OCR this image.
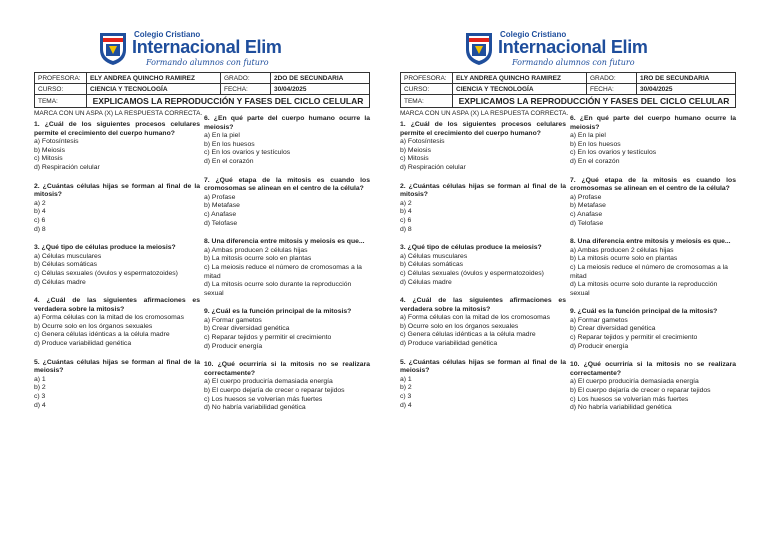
Colegio Cristiano
Internacional Elim
Formando alumnos con futuro
PROFESORA:	ELY ANDREA QUINCHO RAMIREZ	GRADO:	2DO DE SECUNDARIA
CURSO:	CIENCIA Y TECNOLOGÍA	FECHA:	30/04/2025
TEMA:	EXPLICAMOS LA REPRODUCCIÓN Y FASES DEL CICLO CELULAR		
MARCA CON UN ASPA (X) LA RESPUESTA CORRECTA.
1. ¿Cuál de los siguientes procesos celulares permite el crecimiento del cuerpo humano?
a) Fotosíntesis
b) Meiosis
c) Mitosis
d) Respiración celular
2. ¿Cuántas células hijas se forman al final de la mitosis?
a) 2
b) 4
c) 6
d) 8
3. ¿Qué tipo de células produce la meiosis?
a) Células musculares
b) Células somáticas
c) Células sexuales (óvulos y espermatozoides)
d) Células madre
4. ¿Cuál de las siguientes afirmaciones es verdadera sobre la mitosis?
a) Forma células con la mitad de los cromosomas
b) Ocurre solo en los órganos sexuales
c) Genera células idénticas a la célula madre
d) Produce variabilidad genética
5. ¿Cuántas células hijas se forman al final de la meiosis?
a) 1
b) 2
c) 3
d) 4
6. ¿En qué parte del cuerpo humano ocurre la meiosis?
a) En la piel
b) En los huesos
c) En los ovarios y testículos
d) En el corazón
7. ¿Qué etapa de la mitosis es cuando los cromosomas se alinean en el centro de la célula?
a) Profase
b) Metafase
c) Anafase
d) Telofase
8. Una diferencia entre mitosis y meiosis es que...
a) Ambas producen 2 células hijas
b) La mitosis ocurre solo en plantas
c) La meiosis reduce el número de cromosomas a la mitad
d) La mitosis ocurre solo durante la reproducción sexual
9. ¿Cuál es la función principal de la mitosis?
a) Formar gametos
b) Crear diversidad genética
c) Reparar tejidos y permitir el crecimiento
d) Producir energía
10. ¿Qué ocurriría si la mitosis no se realizara correctamente?
a) El cuerpo produciría demasiada energía
b) El cuerpo dejaría de crecer o reparar tejidos
c) Los huesos se volverían más fuertes
d) No habría variabilidad genética
Colegio Cristiano
Internacional Elim
Formando alumnos con futuro
PROFESORA:	ELY ANDREA QUINCHO RAMIREZ	GRADO:	1RO DE SECUNDARIA
CURSO:	CIENCIA Y TECNOLOGÍA	FECHA:	30/04/2025
TEMA:	EXPLICAMOS LA REPRODUCCIÓN Y FASES DEL CICLO CELULAR		
MARCA CON UN ASPA (X) LA RESPUESTA CORRECTA.
1. ¿Cuál de los siguientes procesos celulares permite el crecimiento del cuerpo humano?
a) Fotosíntesis
b) Meiosis
c) Mitosis
d) Respiración celular
2. ¿Cuántas células hijas se forman al final de la mitosis?
a) 2
b) 4
c) 6
d) 8
3. ¿Qué tipo de células produce la meiosis?
a) Células musculares
b) Células somáticas
c) Células sexuales (óvulos y espermatozoides)
d) Células madre
4. ¿Cuál de las siguientes afirmaciones es verdadera sobre la mitosis?
a) Forma células con la mitad de los cromosomas
b) Ocurre solo en los órganos sexuales
c) Genera células idénticas a la célula madre
d) Produce variabilidad genética
5. ¿Cuántas células hijas se forman al final de la meiosis?
a) 1
b) 2
c) 3
d) 4
6. ¿En qué parte del cuerpo humano ocurre la meiosis?
a) En la piel
b) En los huesos
c) En los ovarios y testículos
d) En el corazón
7. ¿Qué etapa de la mitosis es cuando los cromosomas se alinean en el centro de la célula?
a) Profase
b) Metafase
c) Anafase
d) Telofase
8. Una diferencia entre mitosis y meiosis es que...
a) Ambas producen 2 células hijas
b) La mitosis ocurre solo en plantas
c) La meiosis reduce el número de cromosomas a la mitad
d) La mitosis ocurre solo durante la reproducción sexual
9. ¿Cuál es la función principal de la mitosis?
a) Formar gametos
b) Crear diversidad genética
c) Reparar tejidos y permitir el crecimiento
d) Producir energía
10. ¿Qué ocurriría si la mitosis no se realizara correctamente?
a) El cuerpo produciría demasiada energía
b) El cuerpo dejaría de crecer o reparar tejidos
c) Los huesos se volverían más fuertes
d) No habría variabilidad genética
